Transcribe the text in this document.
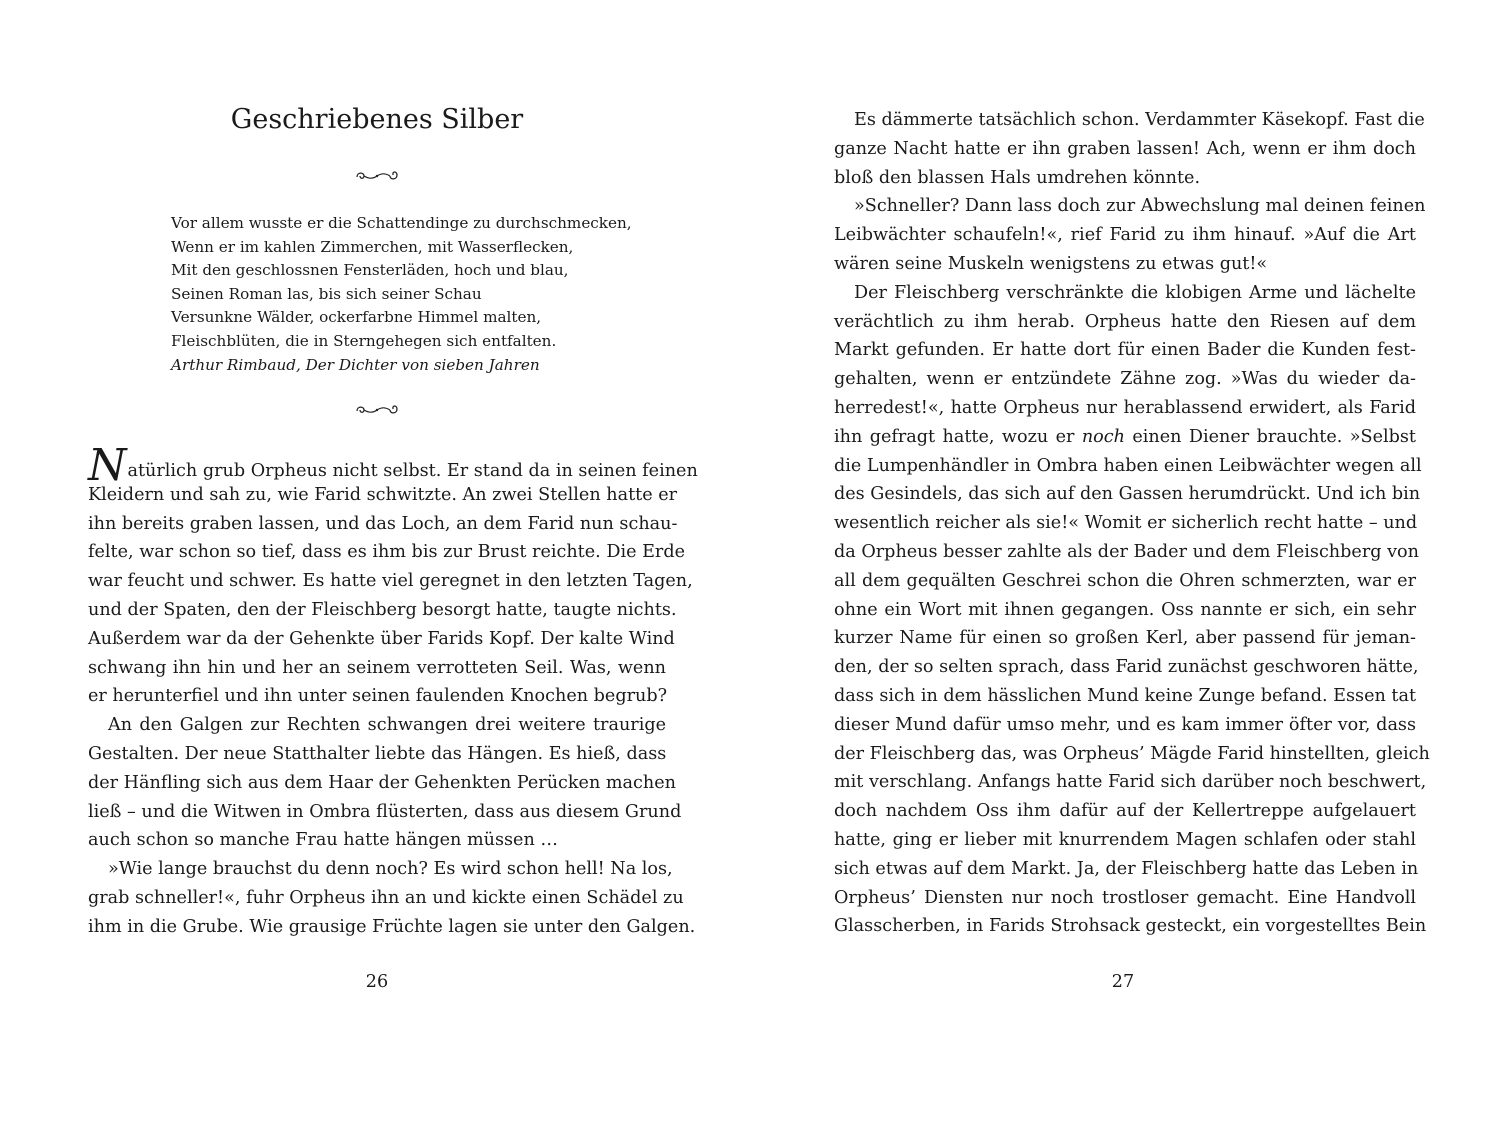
Geschriebenes Silber
Vor allem wusste er die Schattendinge zu durchschmecken,
Wenn er im kahlen Zimmerchen, mit Wasserflecken,
Mit den geschlossnen Fensterläden, hoch und blau,
Seinen Roman las, bis sich seiner Schau
Versunkne Wälder, ockerfarbne Himmel malten,
Fleischblüten, die in Sterngehegen sich entfalten.
Arthur Rimbaud, Der Dichter von sieben Jahren
Natürlich grub Orpheus nicht selbst. Er stand da in seinen feinen
Kleidern und sah zu, wie Farid schwitzte. An zwei Stellen hatte er
ihn bereits graben lassen, und das Loch, an dem Farid nun schau-
felte, war schon so tief, dass es ihm bis zur Brust reichte. Die Erde
war feucht und schwer. Es hatte viel geregnet in den letzten Tagen,
und der Spaten, den der Fleischberg besorgt hatte, taugte nichts.
Außerdem war da der Gehenkte über Farids Kopf. Der kalte Wind
schwang ihn hin und her an seinem verrotteten Seil. Was, wenn
er herunterfiel und ihn unter seinen faulenden Knochen begrub?
An den Galgen zur Rechten schwangen drei weitere traurige
Gestalten. Der neue Statthalter liebte das Hängen. Es hieß, dass
der Hänfling sich aus dem Haar der Gehenkten Perücken machen
ließ – und die Witwen in Ombra flüsterten, dass aus diesem Grund
auch schon so manche Frau hatte hängen müssen …
»Wie lange brauchst du denn noch? Es wird schon hell! Na los,
grab schneller!«, fuhr Orpheus ihn an und kickte einen Schädel zu
ihm in die Grube. Wie grausige Früchte lagen sie unter den Galgen.
26
Es dämmerte tatsächlich schon. Verdammter Käsekopf. Fast die
ganze Nacht hatte er ihn graben lassen! Ach, wenn er ihm doch
bloß den blassen Hals umdrehen könnte.
»Schneller? Dann lass doch zur Abwechslung mal deinen feinen
Leibwächter schaufeln!«, rief Farid zu ihm hinauf. »Auf die Art
wären seine Muskeln wenigstens zu etwas gut!«
Der Fleischberg verschränkte die klobigen Arme und lächelte
verächtlich zu ihm herab. Orpheus hatte den Riesen auf dem
Markt gefunden. Er hatte dort für einen Bader die Kunden fest-
gehalten, wenn er entzündete Zähne zog. »Was du wieder da-
herredest!«, hatte Orpheus nur herablassend erwidert, als Farid
ihn gefragt hatte, wozu er noch einen Diener brauchte. »Selbst
die Lumpenhändler in Ombra haben einen Leibwächter wegen all
des Gesindels, das sich auf den Gassen herumdrückt. Und ich bin
wesentlich reicher als sie!« Womit er sicherlich recht hatte – und
da Orpheus besser zahlte als der Bader und dem Fleischberg von
all dem gequälten Geschrei schon die Ohren schmerzten, war er
ohne ein Wort mit ihnen gegangen. Oss nannte er sich, ein sehr
kurzer Name für einen so großen Kerl, aber passend für jeman-
den, der so selten sprach, dass Farid zunächst geschworen hätte,
dass sich in dem hässlichen Mund keine Zunge befand. Essen tat
dieser Mund dafür umso mehr, und es kam immer öfter vor, dass
der Fleischberg das, was Orpheus’ Mägde Farid hinstellten, gleich
mit verschlang. Anfangs hatte Farid sich darüber noch beschwert,
doch nachdem Oss ihm dafür auf der Kellertreppe aufgelauert
hatte, ging er lieber mit knurrendem Magen schlafen oder stahl
sich etwas auf dem Markt. Ja, der Fleischberg hatte das Leben in
Orpheus’ Diensten nur noch trostloser gemacht. Eine Handvoll
Glasscherben, in Farids Strohsack gesteckt, ein vorgestelltes Bein
27
